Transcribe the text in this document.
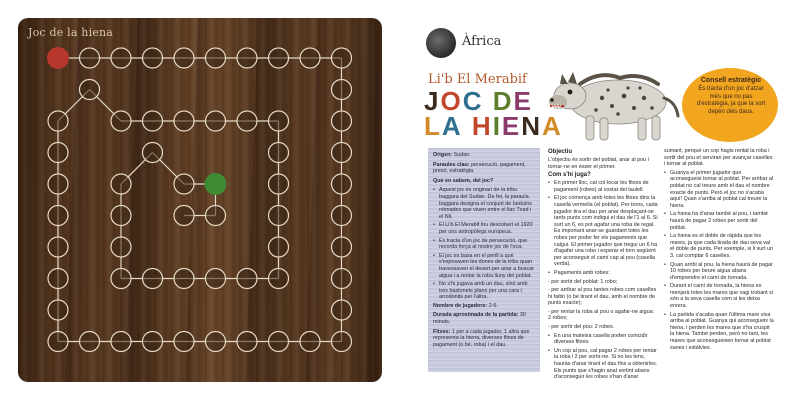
Joc de la hiena
Àfrica
Li'b El Merabif
JOC DE
LA HIENA
Consell estratègic
És tracta d'un joc d'atzar més que no pas d'estratègia, ja que la sort depèn dels daus.

Origen: Sudan.

Paraules clau: persecució, pagament, presó, estratègia.

Què en sabem, del joc?

• Aquest joc és originari de la tribu baggara del Sudan. De fet, la paraula baggara designa el conjunt de beduïns nòmades que viuen entre el llac Txad i el Nil.

• El Li'b El Merabif fou descobert el 1920 per uns antropòlegs europeus.

• Es tracta d'un joc de persecució, que recorda força al nostre joc de l'oca.

• El joc es basa en el perill a què s'exposaven les dones de la tribu quan travessaven el desert per anar a buscar aigua i a rentar la roba lluny del poblat.

• No s'hi jugava amb un dau, sinó amb tres bastonets plans per una cara i arrodonits per l'altra.

Nombre de jugadors: 2-6.

Durada aproximada de la partida: 30 minuts.

Fitxes: 1 per a cada jugador, 1 altra que representa la hiena, diverses fitxes de pagament (o bé, roba) i el dau.

Objectiu

L'objectiu és sortir del poblat, anar al pou i tornar-ne en ésser el primer.

Com s'hi juga?

• En primer lloc, cal col·locar les fitxes de pagament (robes) al costat del taulell.

• El joc comença amb totes les fitxes dins la casella vermella (el poblat). Per torns, cada jugador tira el dau per anar desplaçant-se tants punts com indiqui el dau de l'1 al 6. Si surt un 6, es pot agafar una roba de regal. És important anar-se guardant totes les robes per poder fer els pagaments que calgui. El primer jugador que tregui un 6 ha d'agafar una robo i esperar el torn següent per aconseguir el camí cap al pou (casella verda).

• Pagaments amb robes:

- per sortir del poblat: 1 robo;

- per arribar al pou tantes robes com caselles hi faltin (o bé tirant el dau, amb el nombre de punts exacte);

- per rentar la roba al pou o agafar-ne aigua: 2 robes;

- per sortir del pou: 2 robes.

• En una mateixa casella poden coincidir diverses fitxes.

• Un cop al pou, cal pagar 2 robes per rentar la roba i 2 per sortir-ne. Si no les tens, hauràs d'anar tirant el dau fins a obtenirles. Els punts que s'hagin anat sortint abans d'aconseguir les robes s'han d'anar

sumant, perquè un cop hagis rentat la roba i sortit del pou et serviran per avançar caselles i tornar al poblat.

• Guanya el primer jugador que aconsegueixi tornar al poblat. Per arribar al poblat no cal treure amb el dau el nombre exacte de punts. Però el joc no s'acaba aquí! Quan s'arriba al poblat cal treure la hiena.

• La hiena ha d'anar també al pou, i també haurà de pagar 2 robes per sortir del poblat.

• La hiena es el doble de ràpida que les mares, ja que cada tirada de dau seva val el doble de punts. Per exemple, si li surt un 3, cal comptar 6 caselles.

• Quan arribi al pou, la hiena haurà de pagar 10 robes per beure aigua abans d'emprendre el camí de tornada.

• Durant el camí de tornada, la hiena es menjarà totes les mares que vagi trobant si són a la seva casella com si les deixa enrera.

• La partida s'acaba quan l'última mare viva arriba al poblat. Guanya qui aconsegueix la hiena, i perden les mares que s'ha cruspit la hiena. També perden, però no tant, les mares que aconsegueixen tornar al poblat sanes i estàlvies.
